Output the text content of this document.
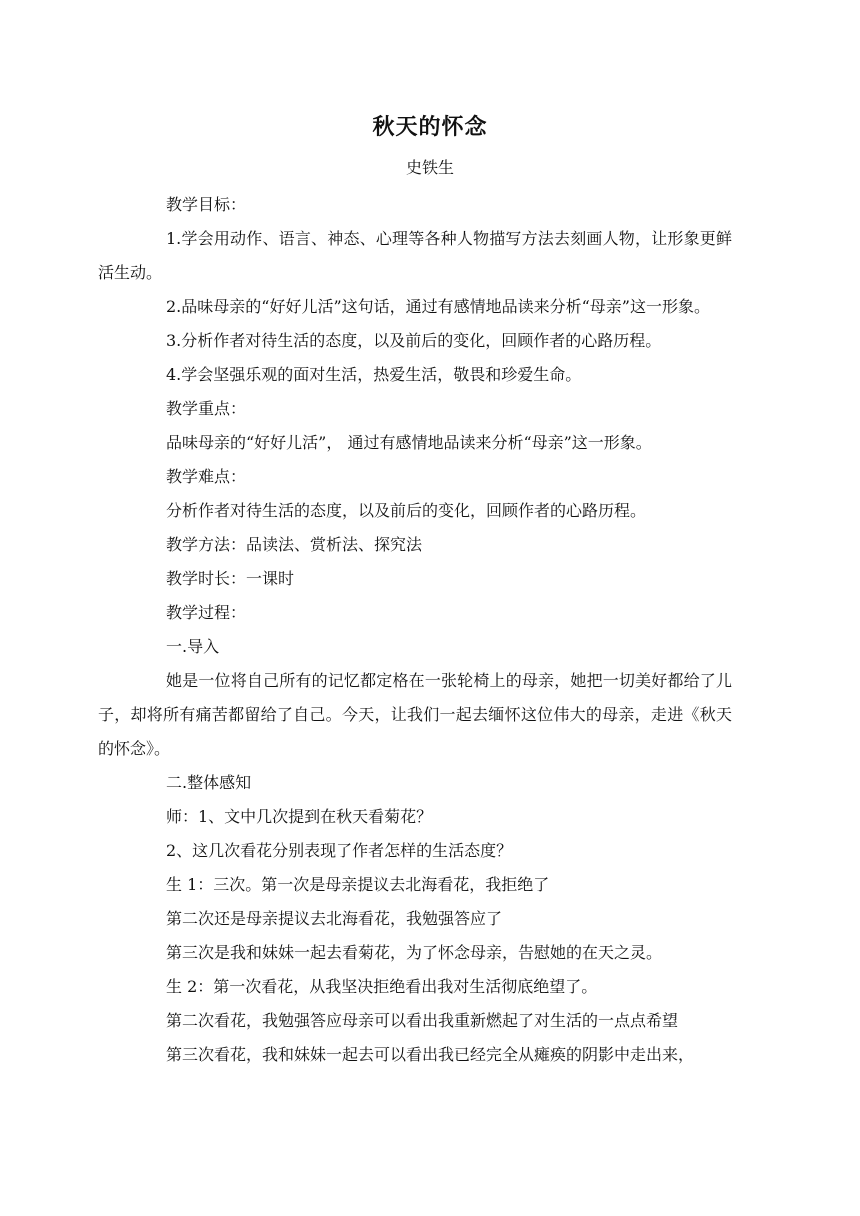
秋天的怀念
史铁生

教学目标：

1.学会用动作、语言、神态、心理等各种人物描写方法去刻画人物，让形象更鲜活生动。

2.品味母亲的“好好儿活”这句话，通过有感情地品读来分析“母亲”这一形象。

3.分析作者对待生活的态度，以及前后的变化，回顾作者的心路历程。

4.学会坚强乐观的面对生活，热爱生活，敬畏和珍爱生命。

教学重点：

品味母亲的“好好儿活”， 通过有感情地品读来分析“母亲”这一形象。

教学难点：

分析作者对待生活的态度，以及前后的变化，回顾作者的心路历程。

教学方法：品读法、赏析法、探究法

教学时长：一课时

教学过程：

一.导入

她是一位将自己所有的记忆都定格在一张轮椅上的母亲，她把一切美好都给了儿子，却将所有痛苦都留给了自己。今天，让我们一起去缅怀这位伟大的母亲，走进《秋天的怀念》。

二.整体感知

师：1、文中几次提到在秋天看菊花？

2、这几次看花分别表现了作者怎样的生活态度？

生 1：三次。第一次是母亲提议去北海看花，我拒绝了

第二次还是母亲提议去北海看花，我勉强答应了

第三次是我和妹妹一起去看菊花，为了怀念母亲，告慰她的在天之灵。

生 2：第一次看花，从我坚决拒绝看出我对生活彻底绝望了。

第二次看花，我勉强答应母亲可以看出我重新燃起了对生活的一点点希望

第三次看花，我和妹妹一起去可以看出我已经完全从瘫痪的阴影中走出来，
